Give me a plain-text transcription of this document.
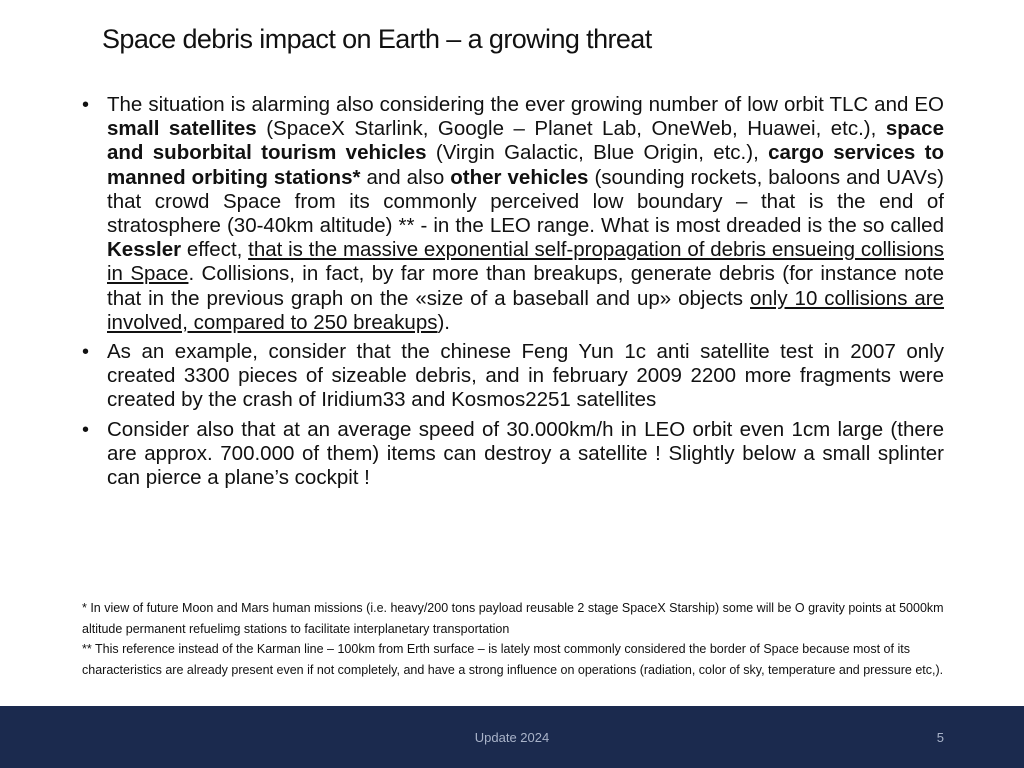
Space debris impact on Earth – a growing threat
• The situation is alarming also considering the ever growing number of low orbit TLC and EO small satellites (SpaceX Starlink, Google – Planet Lab, OneWeb, Huawei, etc.), space and suborbital tourism vehicles (Virgin Galactic, Blue Origin, etc.), cargo services to manned orbiting stations* and also other vehicles (sounding rockets, baloons and UAVs) that crowd Space from its commonly perceived low boundary – that is the end of stratosphere (30-40km altitude) ** - in the LEO range. What is most dreaded is the so called Kessler effect, that is the massive exponential self-propagation of debris ensueing collisions in Space. Collisions, in fact, by far more than breakups, generate debris (for instance note that in the previous graph on the «size of a baseball and up» objects only 10 collisions are involved, compared to 250 breakups).
• As an example, consider that the chinese Feng Yun 1c anti satellite test in 2007 only created 3300 pieces of sizeable debris, and in february 2009 2200 more fragments were created by the crash of Iridium33 and Kosmos2251 satellites
• Consider also that at an average speed of 30.000km/h in LEO orbit even 1cm large (there are approx. 700.000 of them) items can destroy a satellite ! Slightly below a small splinter can pierce a plane’s cockpit !

* In view of future Moon and Mars human missions (i.e. heavy/200 tons payload reusable 2 stage SpaceX Starship) some will be O gravity points at 5000km altitude permanent refuelimg stations to facilitate interplanetary transportation

** This reference instead of the Karman line – 100km from Erth surface – is lately most commonly considered the border of Space because most of its characteristics are already present even if not completely, and have a strong influence on operations (radiation, color of sky, temperature and pressure etc,).

Update 2024	5
